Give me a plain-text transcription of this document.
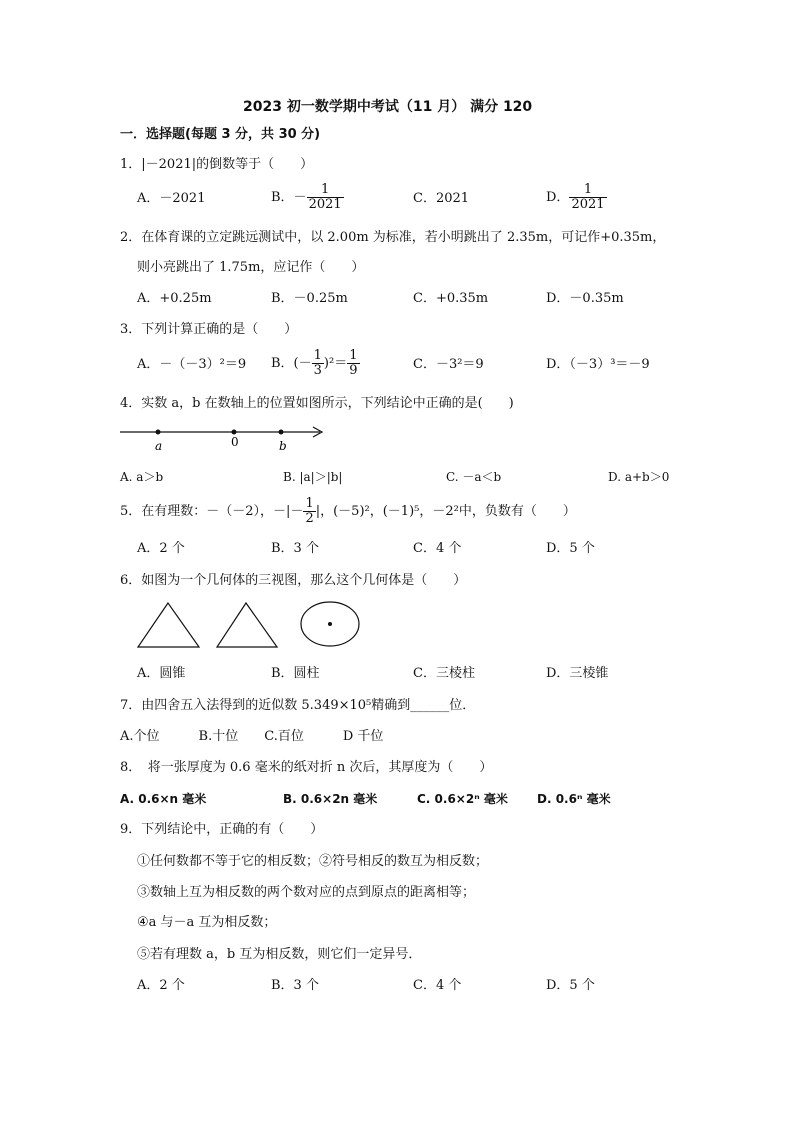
2023 初一数学期中考试（11 月） 满分 120
一．选择题(每题 3 分，共 30 分)
1．|－2021|的倒数等于（　　）
A．－2021	B．－ $\frac{1}{2021}$	C．2021	D． $\frac{1}{2021}$
2．在体育课的立定跳远测试中，以 2.00m 为标准，若小明跳出了 2.35m，可记作+0.35m，
则小亮跳出了 1.75m，应记作（　　）
A．+0.25m	B．－0.25m	C．+0.35m	D．－0.35m
3．下列计算正确的是（　　）
A．－（－3）²＝9 B．(－ $\frac{1}{3} )^2= \frac{1}{9}$	C．－3²＝9	D．（－3）³＝－9
4．实数 a，b 在数轴上的位置如图所示，下列结论中正确的是(　　)
a	0	b
A. a＞b	B. |a|＞|b|	C. －a＜b	D. a+b＞0
5．在有理数：－（－2），－|－ $\frac{1}{2}$ |，(－5)²，(－1)⁵，－2²中，负数有（　　）
A．2 个	B．3 个	C．4 个	D．5 个
6．如图为一个几何体的三视图，那么这个几何体是（　　）
A．圆锥	B．圆柱	C．三棱柱	D．三棱锥
7．由四舍五入法得到的近似数 5.349×10⁵精确到______位．
A.个位　　　B.十位　　C.百位　　　D 千位
8．　将一张厚度为 0.6 毫米的纸对折 n 次后，其厚度为（　　）
A. 0.6×n 毫米	B. 0.6×2n 毫米	C. 0.6×2ⁿ 毫米 D. 0.6ⁿ 毫米
9．下列结论中，正确的有（　　）
①任何数都不等于它的相反数；②符号相反的数互为相反数；
③数轴上互为相反数的两个数对应的点到原点的距离相等；
④a 与－a 互为相反数；
⑤若有理数 a，b 互为相反数，则它们一定异号．
A．2 个	B．3 个	C．4 个	D．5 个
